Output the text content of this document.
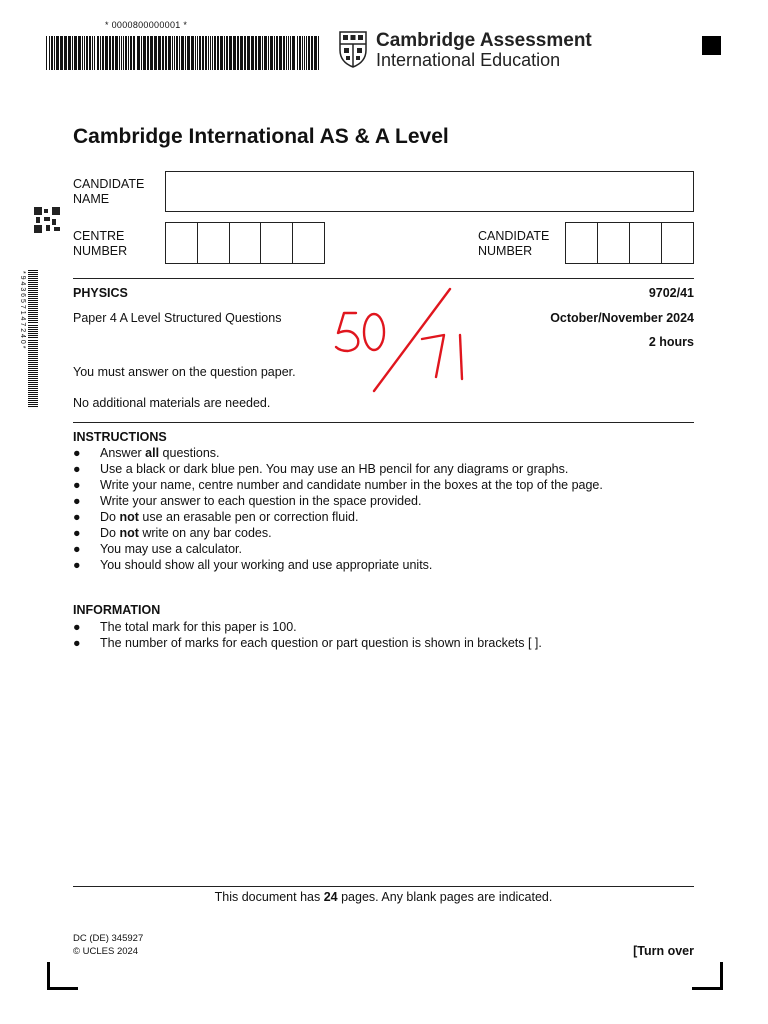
* 0000800000001 *
Cambridge Assessment
International Education
* 9 4 3 6 5 7 1 4 7 2 4 0 *
Cambridge International AS & A Level
CANDIDATE NAME
CENTRE NUMBER
CANDIDATE NUMBER
PHYSICS	9702/41
Paper 4 A Level Structured Questions	October/November 2024
2 hours
You must answer on the question paper.
No additional materials are needed.
INSTRUCTIONS
● Answer all questions.
● Use a black or dark blue pen. You may use an HB pencil for any diagrams or graphs.
● Write your name, centre number and candidate number in the boxes at the top of the page.
● Write your answer to each question in the space provided.
● Do not use an erasable pen or correction fluid.
● Do not write on any bar codes.
● You may use a calculator.
● You should show all your working and use appropriate units.
INFORMATION
● The total mark for this paper is 100.
● The number of marks for each question or part question is shown in brackets [ ].
This document has 24 pages. Any blank pages are indicated.
DC (DE) 345927
© UCLES 2024	[Turn over
